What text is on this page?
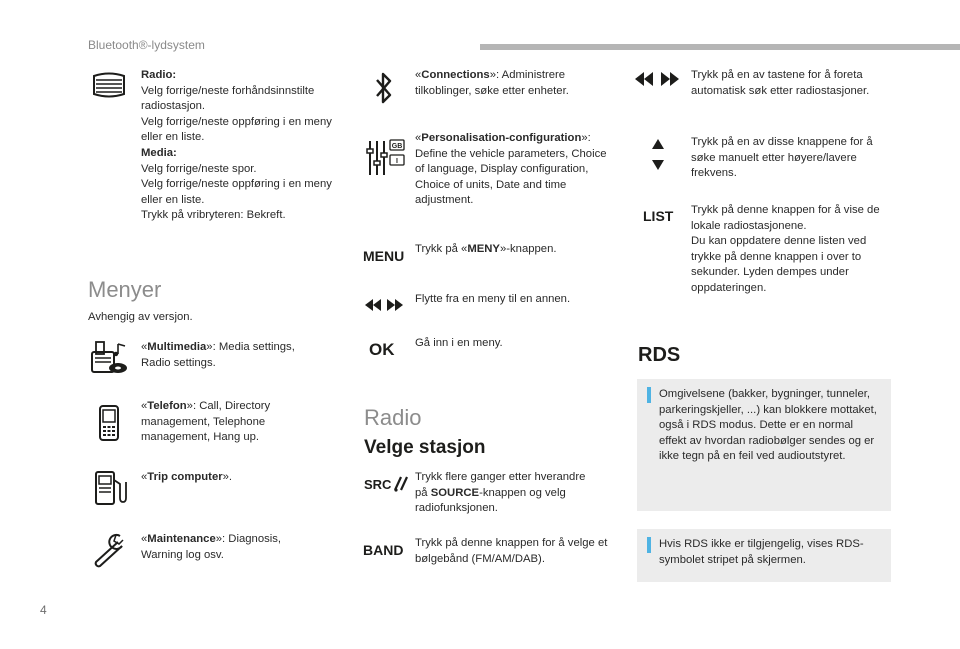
Bluetooth®-lydsystem

Radio:

Velg forrige/neste forhåndsinnstilte radiostasjon.

Velg forrige/neste oppføring i en meny eller en liste.

Media:

Velg forrige/neste spor.

Velg forrige/neste oppføring i en meny eller en liste.

Trykk på vribryteren: Bekreft.

Menyer
Avhengig av versjon.
«Multimedia»: Media settings, Radio settings.
«Telefon»: Call, Directory management, Telephone management, Hang up.
«Trip computer».
«Maintenance»: Diagnosis, Warning log osv.
«Connections»: Administrere tilkoblinger, søke etter enheter.
GB
I
«Personalisation-configuration»: Define the vehicle parameters, Choice of language, Display configuration, Choice of units, Date and time adjustment.
MENU Trykk på «MENY»-knappen.
Flytte fra en meny til en annen.
OK Gå inn i en meny.
Radio
Velge stasjon
SRC Trykk flere ganger etter hverandre på SOURCE-knappen og velg radiofunksjonen.
BAND Trykk på denne knappen for å velge et bølgebånd (FM/AM/DAB).
Trykk på en av tastene for å foreta automatisk søk etter radiostasjoner.
Trykk på en av disse knappene for å søke manuelt etter høyere/lavere frekvens.
LIST Trykk på denne knappen for å vise de lokale radiostasjonene.

Du kan oppdatere denne listen ved trykke på denne knappen i over to sekunder. Lyden dempes under oppdateringen.

RDS
Omgivelsene (bakker, bygninger, tunneler, parkeringskjeller, ...) kan blokkere mottaket, også i RDS modus. Dette er en normal effekt av hvordan radiobølger sendes og er ikke tegn på en feil ved audioutstyret.
Hvis RDS ikke er tilgjengelig, vises RDS-symbolet stripet på skjermen.
4
